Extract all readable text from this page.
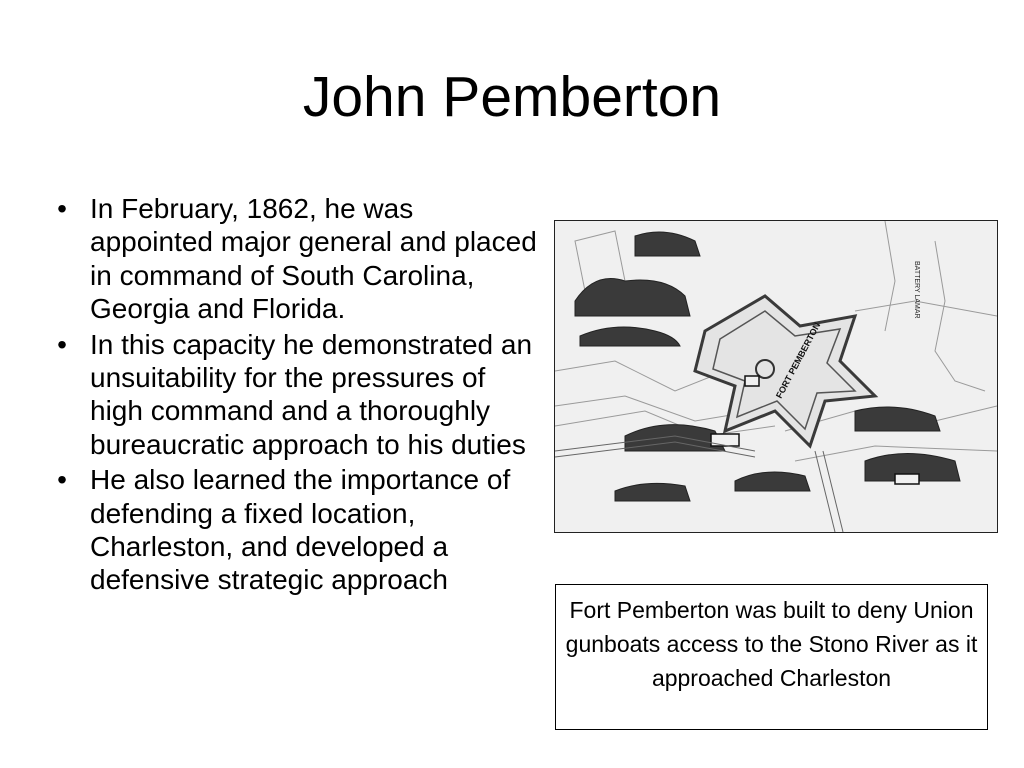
John Pemberton
• In February, 1862, he was appointed major general and placed in command of South Carolina, Georgia and Florida.
• In this capacity he demonstrated an unsuitability for the pressures of high command and a thoroughly bureaucratic approach to his duties
• He also learned the importance of defending a fixed location, Charleston, and developed a defensive strategic approach
FORT PEMBERTON
BATTERY LAMAR
Fort Pemberton was built to deny Union gunboats access to the Stono River as it approached Charleston
